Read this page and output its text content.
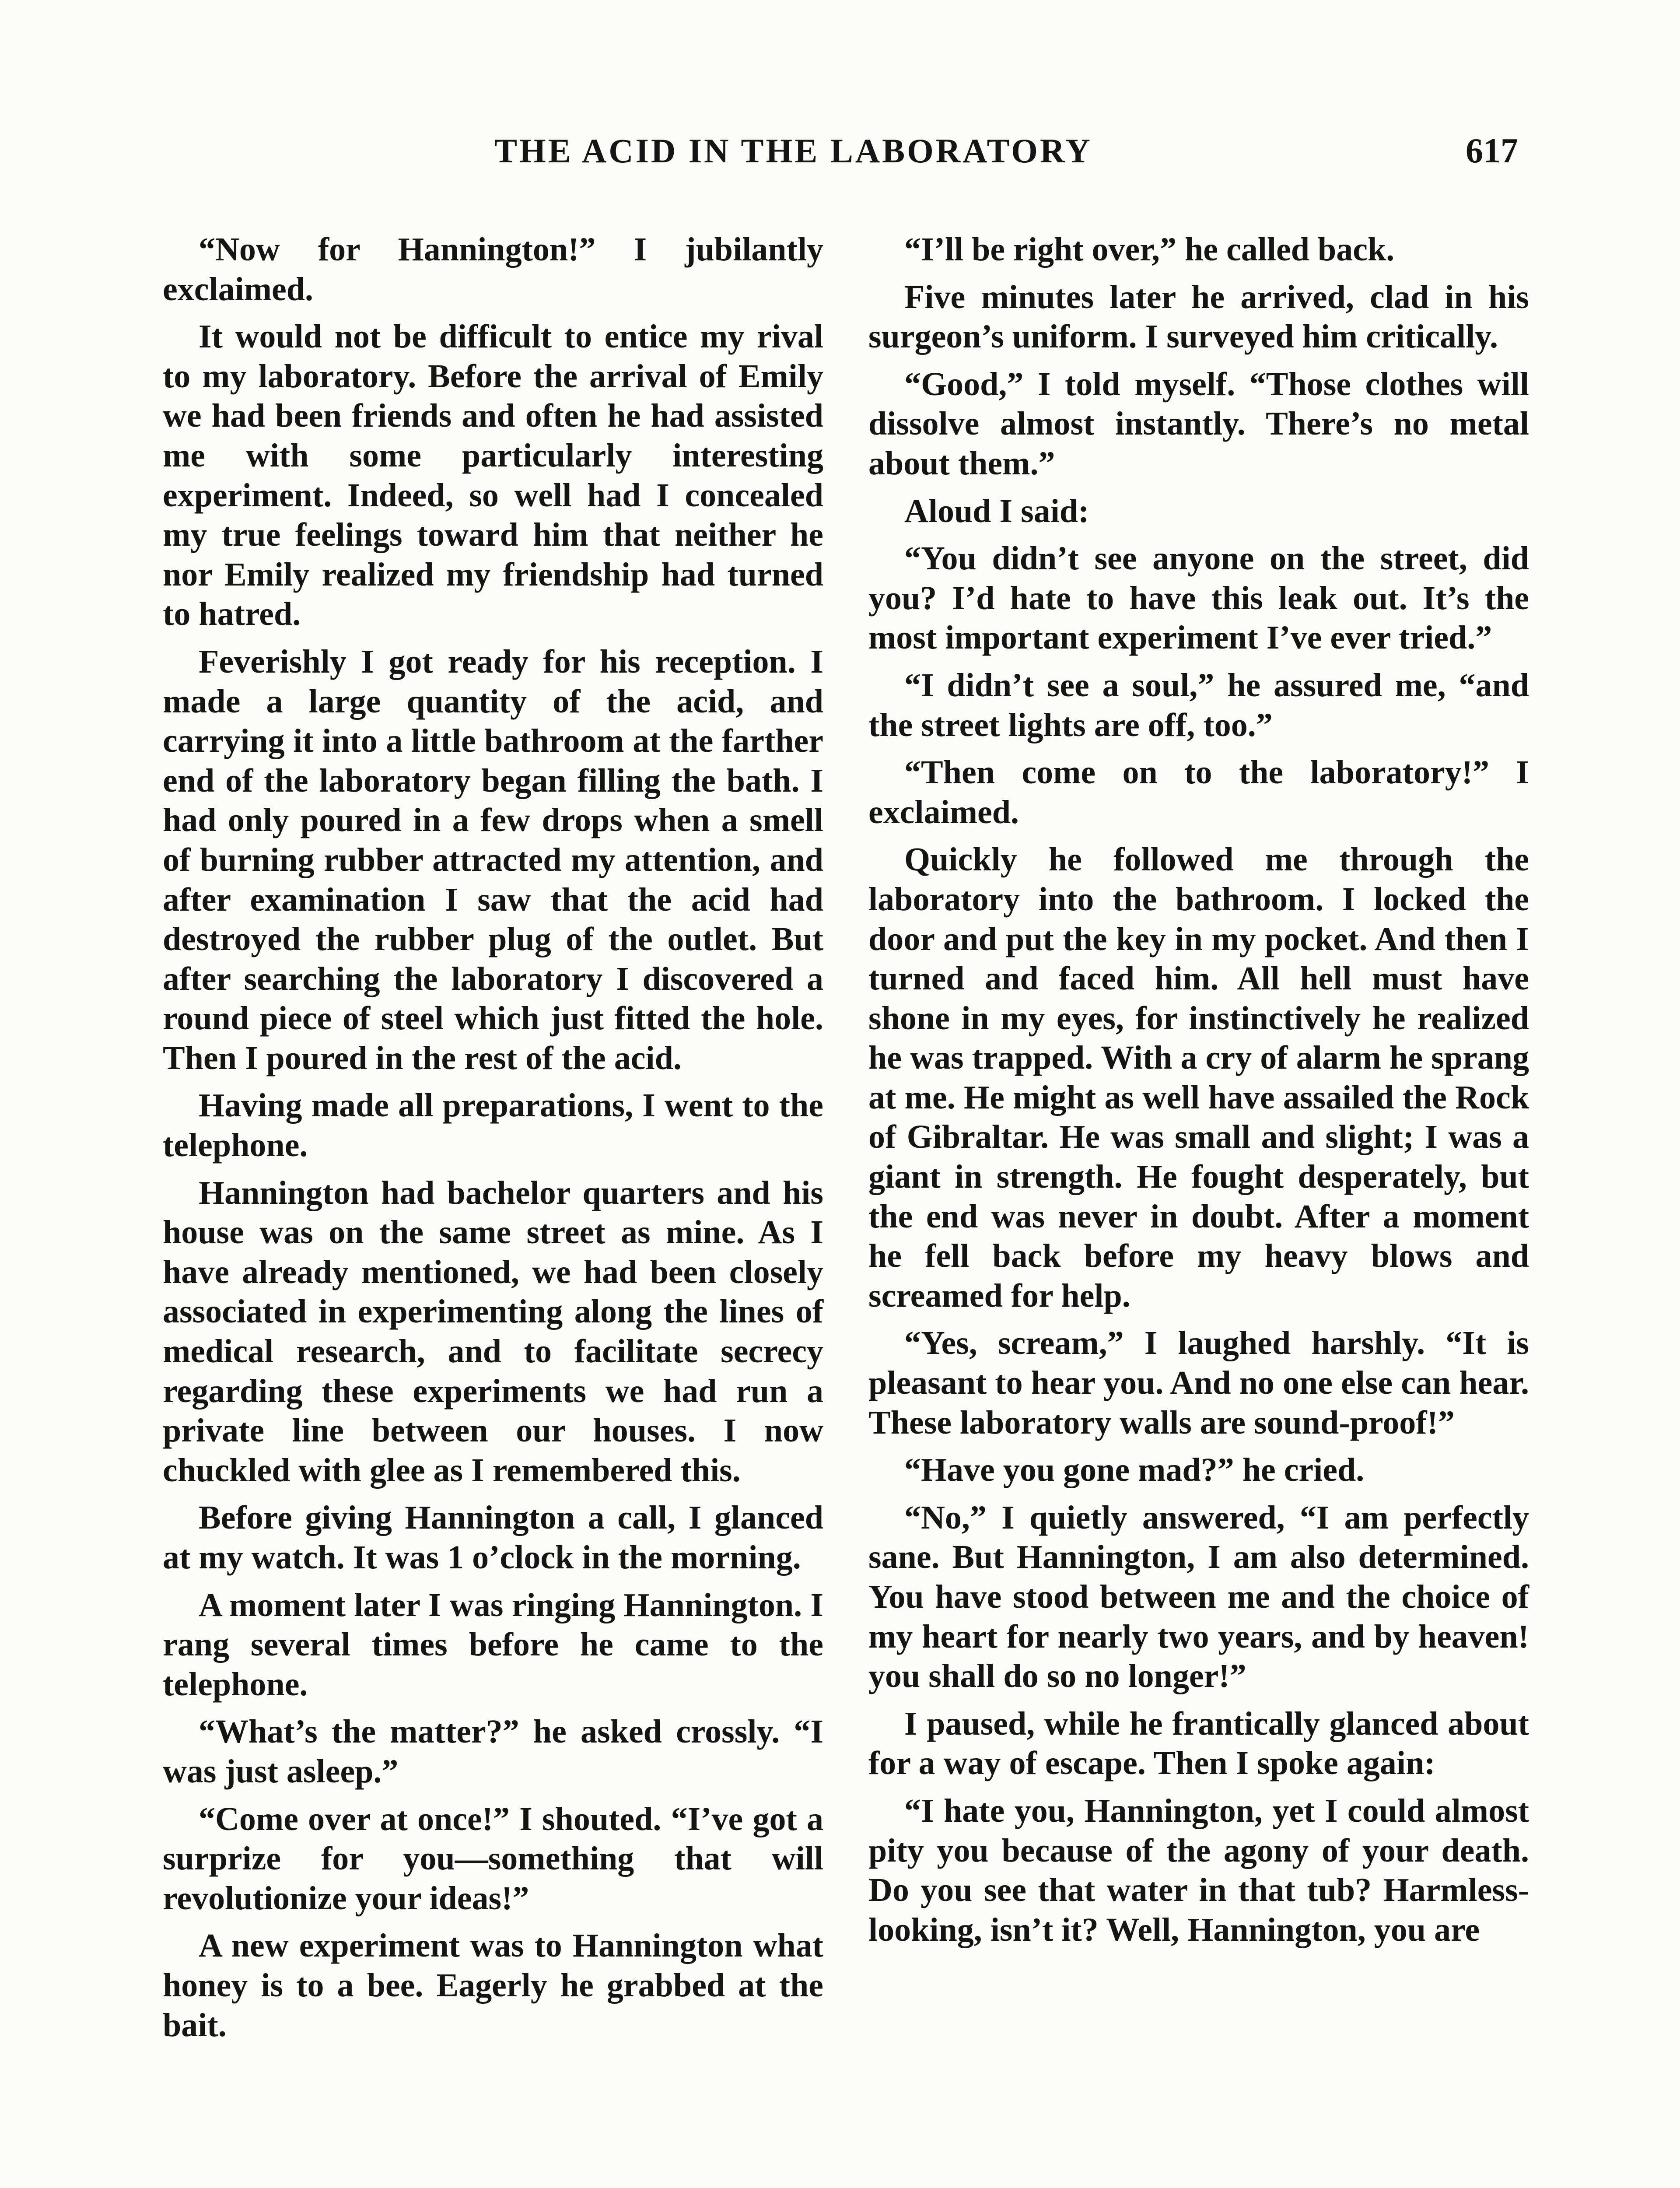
THE ACID IN THE LABORATORY	617

“Now for Hannington!” I jubilantly exclaimed.

It would not be difficult to entice my rival to my laboratory. Before the arrival of Emily we had been friends and often he had assisted me with some particularly interesting experiment. Indeed, so well had I concealed my true feelings toward him that neither he nor Emily realized my friendship had turned to hatred.

Feverishly I got ready for his reception. I made a large quantity of the acid, and carrying it into a little bathroom at the farther end of the laboratory began filling the bath. I had only poured in a few drops when a smell of burning rubber attracted my attention, and after examination I saw that the acid had destroyed the rubber plug of the outlet. But after searching the laboratory I discovered a round piece of steel which just fitted the hole. Then I poured in the rest of the acid.

Having made all preparations, I went to the telephone.

Hannington had bachelor quarters and his house was on the same street as mine. As I have already mentioned, we had been closely associated in experimenting along the lines of medical research, and to facilitate secrecy regarding these experiments we had run a private line between our houses. I now chuckled with glee as I remembered this.

Before giving Hannington a call, I glanced at my watch. It was 1 o’clock in the morning.

A moment later I was ringing Hannington. I rang several times before he came to the telephone.

“What’s the matter?” he asked crossly. “I was just asleep.”

“Come over at once!” I shouted. “I’ve got a surprize for you—something that will revolutionize your ideas!”

A new experiment was to Hannington what honey is to a bee. Eagerly he grabbed at the bait.

“I’ll be right over,” he called back.

Five minutes later he arrived, clad in his surgeon’s uniform. I surveyed him critically.

“Good,” I told myself. “Those clothes will dissolve almost instantly. There’s no metal about them.”

Aloud I said:

“You didn’t see anyone on the street, did you? I’d hate to have this leak out. It’s the most important experiment I’ve ever tried.”

“I didn’t see a soul,” he assured me, “and the street lights are off, too.”

“Then come on to the laboratory!” I exclaimed.

Quickly he followed me through the laboratory into the bathroom. I locked the door and put the key in my pocket. And then I turned and faced him. All hell must have shone in my eyes, for instinctively he realized he was trapped. With a cry of alarm he sprang at me. He might as well have assailed the Rock of Gibraltar. He was small and slight; I was a giant in strength. He fought desperately, but the end was never in doubt. After a moment he fell back before my heavy blows and screamed for help.

“Yes, scream,” I laughed harshly. “It is pleasant to hear you. And no one else can hear. These laboratory walls are sound-proof!”

“Have you gone mad?” he cried.

“No,” I quietly answered, “I am perfectly sane. But Hannington, I am also determined. You have stood between me and the choice of my heart for nearly two years, and by heaven! you shall do so no longer!”

I paused, while he frantically glanced about for a way of escape. Then I spoke again:

“I hate you, Hannington, yet I could almost pity you because of the agony of your death. Do you see that water in that tub? Harmless-looking, isn’t it? Well, Hannington, you are
